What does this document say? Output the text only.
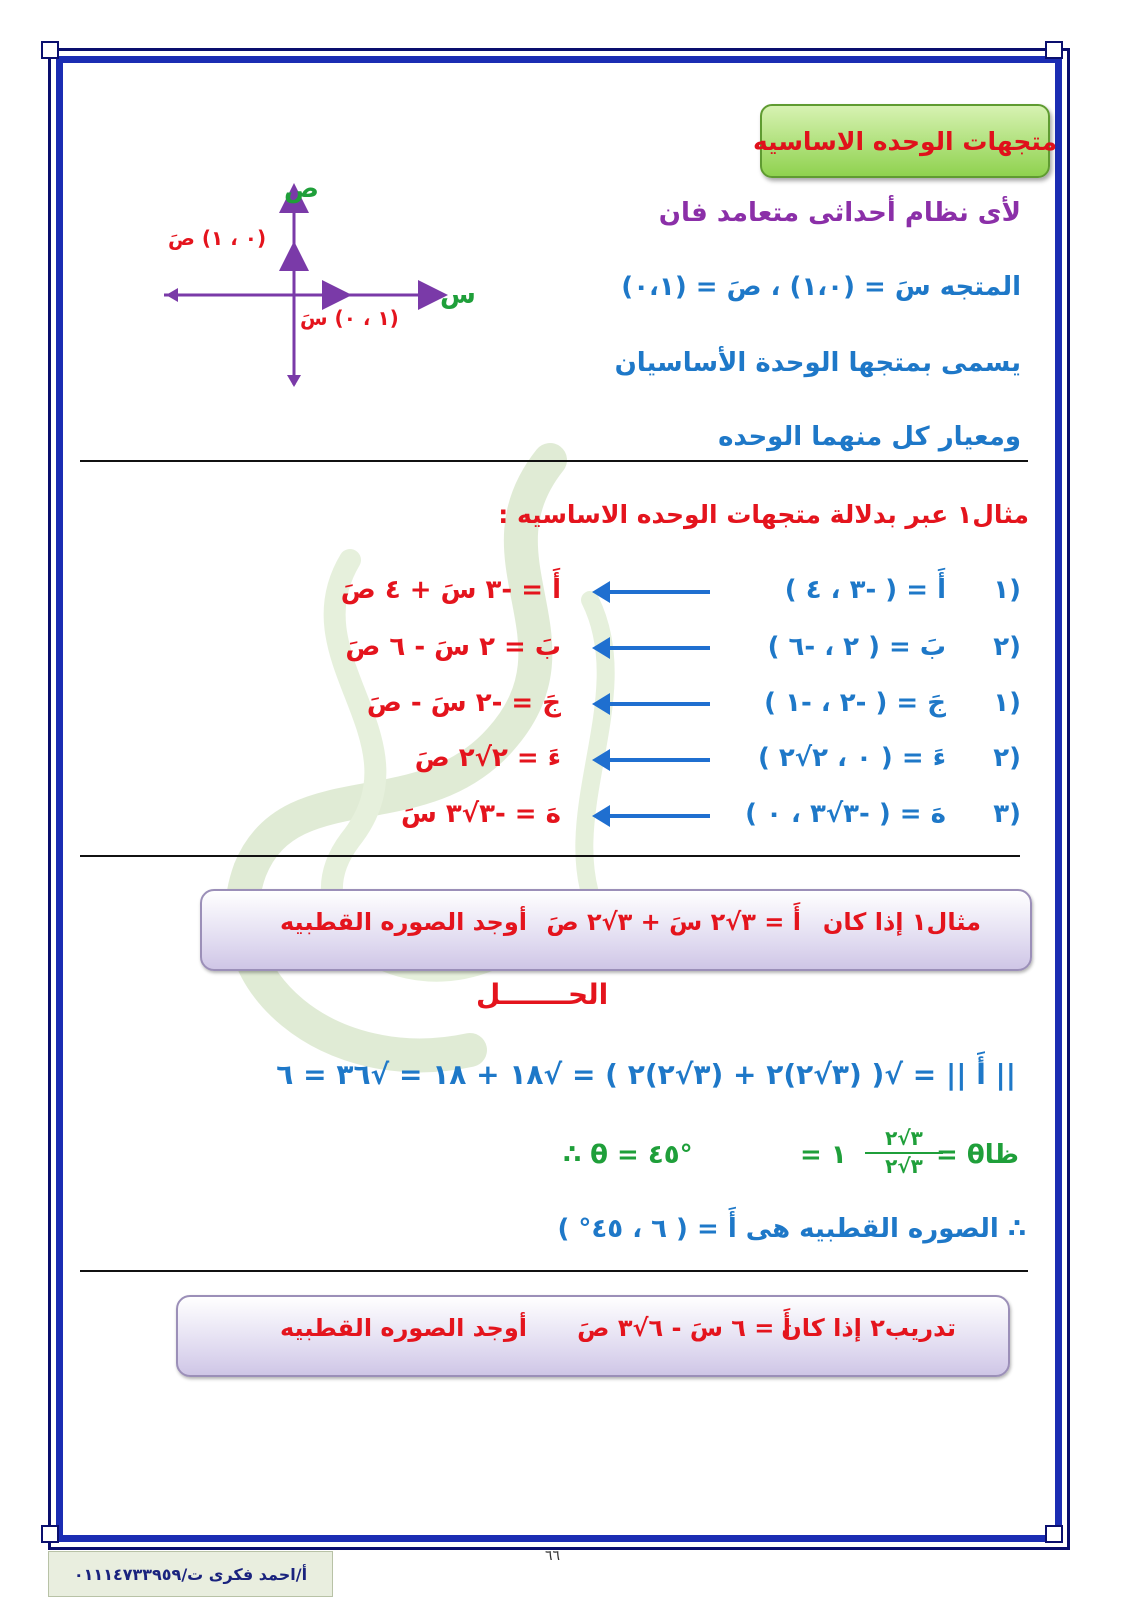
متجهات الوحده الاساسيه
لأى نظام أحداثى متعامد فان
المتجه سَ = (١،٠) ، صَ = (٠،١)
يسمى بمتجها الوحدة الأساسيان
ومعيار كل منهما الوحده
س
ص
(١ ، ٠) سَ
(٠ ، ١) صَ
مثال١ عبر بدلالة متجهات الوحده الاساسيه :
١)
أَ = ( -٣ ، ٤ )
أَ = -٣ سَ + ٤ صَ
٢)
بَ = ( ٢ ، -٦ )
بَ = ٢ سَ - ٦ صَ
١)
جَ = ( -٢ ، -١ )
جَ = -٢ سَ - صَ
٢)
ءَ = ( ٠ ، ٢√٢ )
ءَ = ٢√٢ صَ
٣)
هَ = ( -٣√٣ ، ٠ )
هَ = -٣√٣ سَ
مثال١ إذا كان
أَ = ٣√٢ سَ + ٣√٢ صَ
أوجد الصوره القطبيه
الحـــــــل
|| أَ || = √( (٣√٢)٢ + (٣√٢)٢ ) = √١٨ + ١٨ = √٣٦ = ٦
ظاθ =
٣√٢
٣√٢
= ١
∴ θ = ٤٥°
∴ الصوره القطبيه هى أَ = ( ٦ ، ٤٥° )
تدريب٢ إذا كان
أَ = ٦ سَ - ٦√٣ صَ
أوجد الصوره القطبيه
٦٦
أ/احمد فكرى ت/٠١١١٤٧٣٣٩٥٩
